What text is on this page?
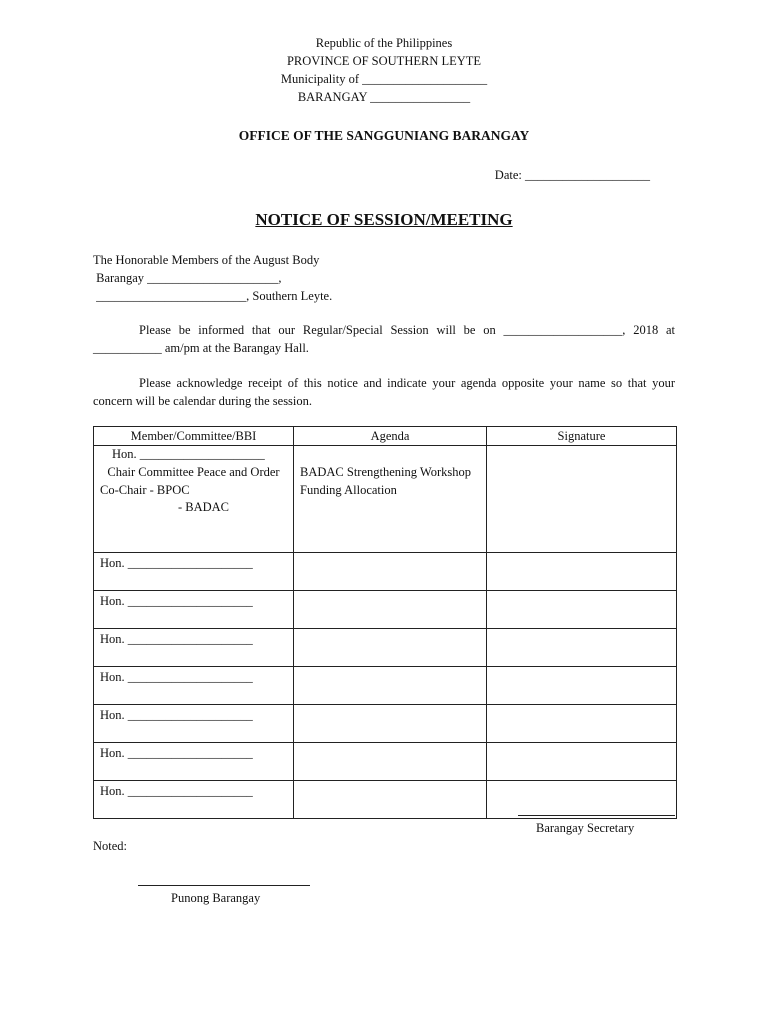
Republic of the Philippines
PROVINCE OF SOUTHERN LEYTE
Municipality of ____________________
BARANGAY ________________
OFFICE OF THE SANGGUNIANG BARANGAY
Date: ____________________
NOTICE OF SESSION/MEETING
The Honorable Members of the August Body
Barangay _____________________,
________________________, Southern Leyte.

Please be informed that our Regular/Special Session will be on ___________________, 2018 at ___________ am/pm at the Barangay Hall.

Please acknowledge receipt of this notice and indicate your agenda opposite your name so that your concern will be calendar during the session.

Member/Committee/BBI	Agenda	Signature

Hon. ____________________
Chair Committee Peace and Order
Co-Chair - BPOC
- BADAC	BADAC Strengthening Workshop Funding Allocation	
Hon. ____________________		
Hon. ____________________		
Hon. ____________________		
Hon. ____________________		
Hon. ____________________		
Hon. ____________________		
Hon. ____________________		
Barangay Secretary
Noted:
Punong Barangay
